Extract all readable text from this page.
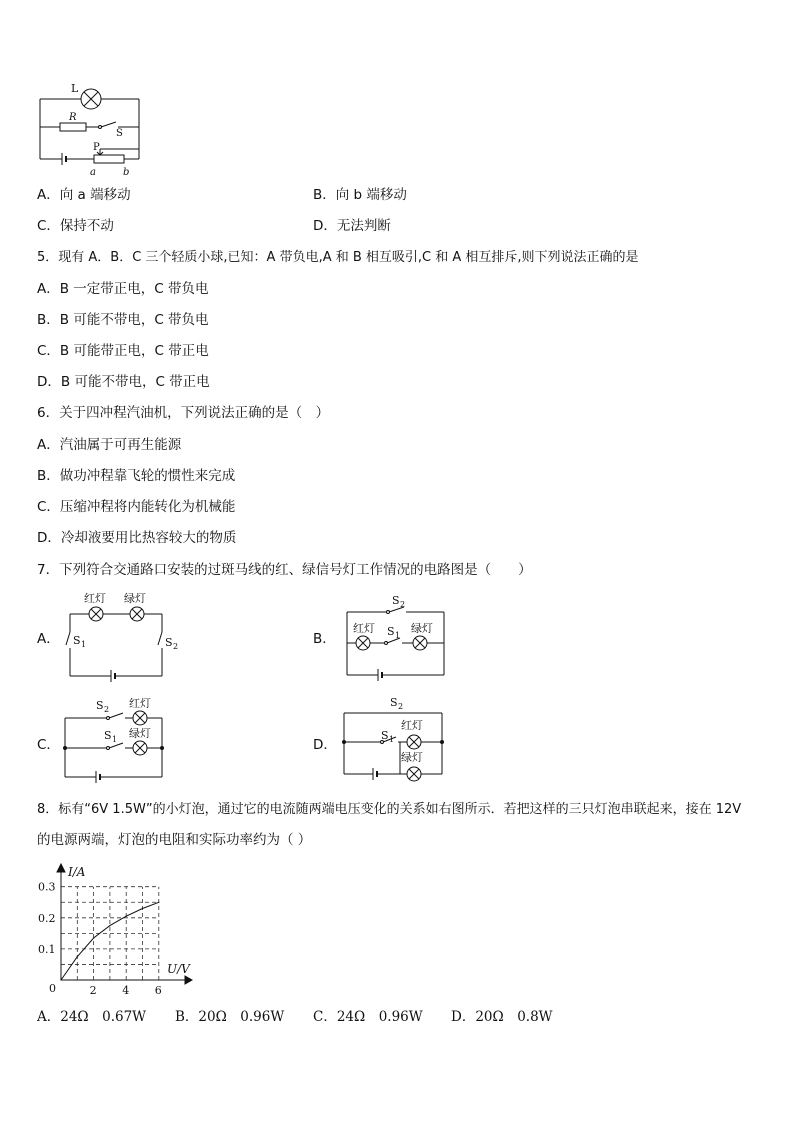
L
R
S
P
a	b
A．向 a 端移动	B．向 b 端移动
C．保持不动	D．无法判断
5．现有 A．B．C 三个轻质小球,已知：A 带负电,A 和 B 相互吸引,C 和 A 相互排斥,则下列说法正确的是
A．B 一定带正电，C 带负电
B．B 可能不带电，C 带负电
C．B 可能带正电，C 带正电
D．B 可能不带电，C 带正电
6．关于四冲程汽油机，下列说法正确的是（　）
A．汽油属于可再生能源
B．做功冲程靠飞轮的惯性来完成
C．压缩冲程将内能转化为机械能
D．冷却液要用比热容较大的物质
7．下列符合交通路口安装的过斑马线的红、绿信号灯工作情况的电路图是（　　）
A．
红灯 绿灯
S 1	S 2	B．
S 2
红灯 S 1
绿灯
C．
S 2 红灯
S 1 绿灯
D．
S 2
红灯
S 1
绿灯
8．标有“6V 1.5W”的小灯泡，通过它的电流随两端电压变化的关系如右图所示．若把这样的三只灯泡串联起来，接在 12V
的电源两端，灯泡的电阻和实际功率约为（ ）
2 4 6
0.1
0.2
0.3
I/A
U/V
0
A．24Ω　0.67W B．20Ω　0.96W C．24Ω　0.96W D．20Ω　0.8W
